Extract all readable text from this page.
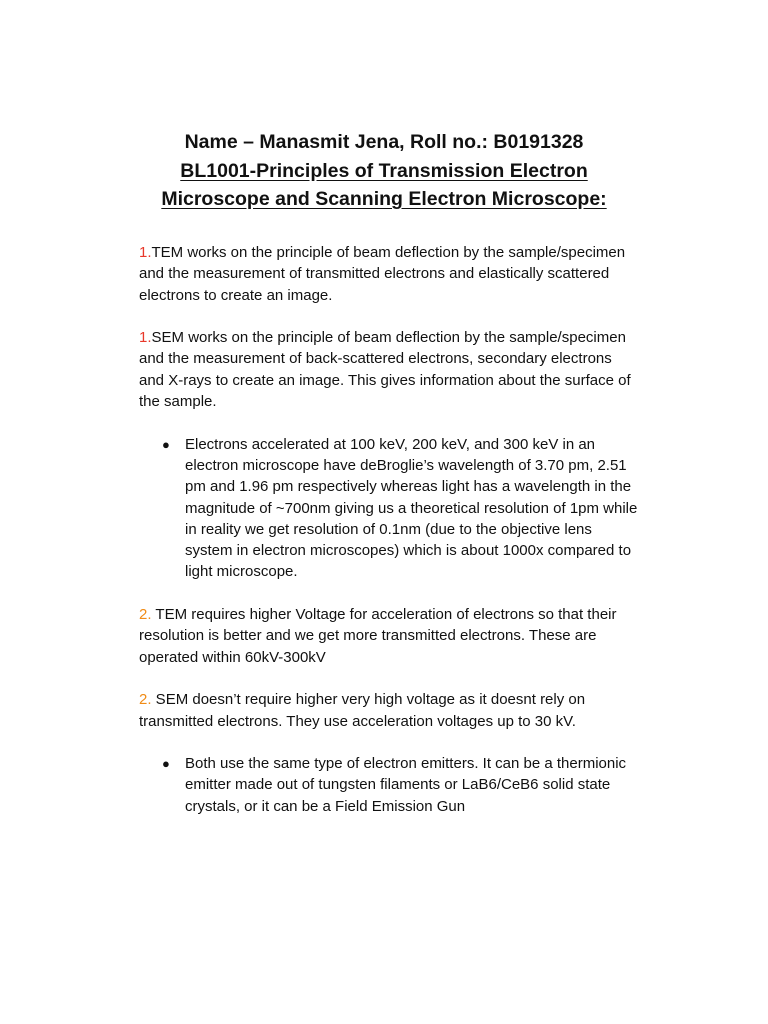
Name – Manasmit Jena, Roll no.: B0191328
BL1001-Principles of Transmission Electron
Microscope and Scanning Electron Microscope:

1.TEM works on the principle of beam deflection by the sample/specimen and the measurement of transmitted electrons and elastically scattered electrons to create an image.

1.SEM works on the principle of beam deflection by the sample/specimen and the measurement of back-scattered electrons, secondary electrons and X-rays to create an image. This gives information about the surface of the sample.

● Electrons accelerated at 100 keV, 200 keV, and 300 keV in an electron microscope have deBroglie’s wavelength of 3.70 pm, 2.51 pm and 1.96 pm respectively whereas light has a wavelength in the magnitude of ~700nm giving us a theoretical resolution of 1pm while in reality we get resolution of 0.1nm (due to the objective lens system in electron microscopes) which is about 1000x compared to light microscope.

2. TEM requires higher Voltage for acceleration of electrons so that their resolution is better and we get more transmitted electrons. These are operated within 60kV-300kV

2. SEM doesn’t require higher very high voltage as it doesnt rely on transmitted electrons. They use acceleration voltages up to 30 kV.

● Both use the same type of electron emitters. It can be a thermionic emitter made out of tungsten filaments or LaB6/CeB6 solid state crystals, or it can be a Field Emission Gun
